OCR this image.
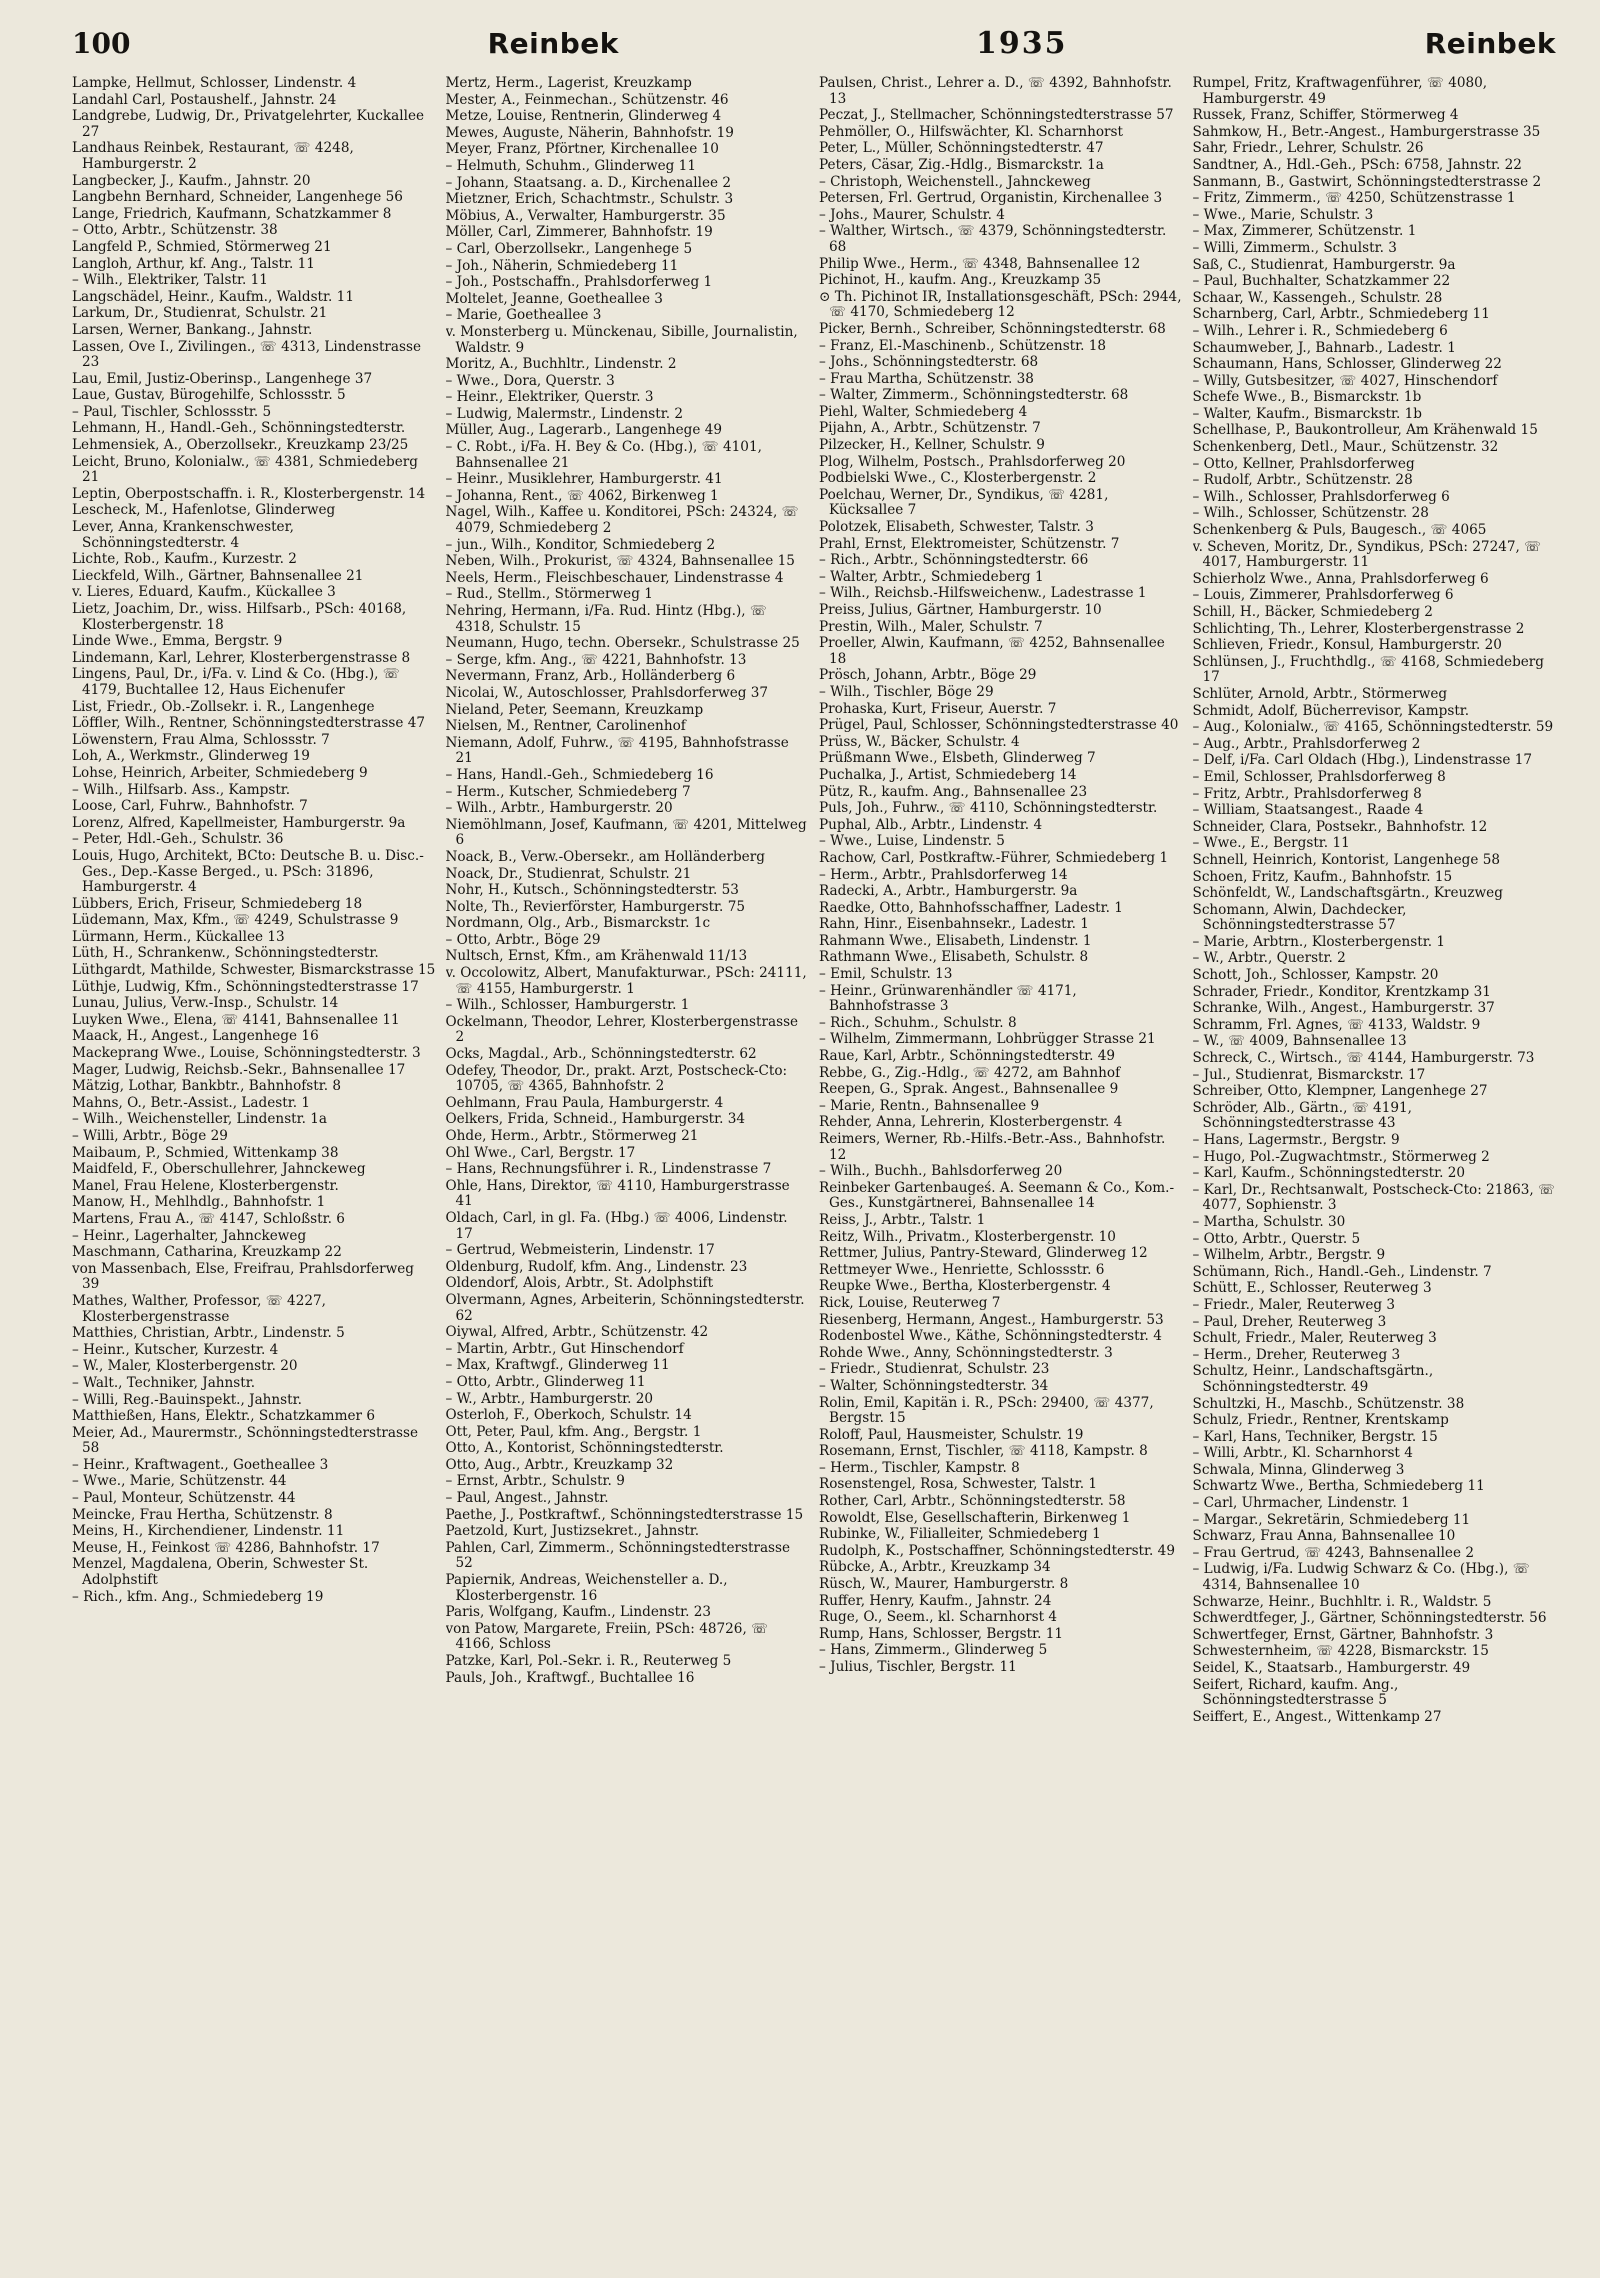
100	Reinbek	1935	Reinbek

Lampke, Hellmut, Schlosser, Lindenstr. 4

Landahl Carl, Postaushelf., Jahnstr. 24

Landgrebe, Ludwig, Dr., Privatgelehrter, Kuckallee 27

Landhaus Reinbek, Restaurant, ☏ 4248, Hamburgerstr. 2

Langbecker, J., Kaufm., Jahnstr. 20

Langbehn Bernhard, Schneider, Langenhege 56

Lange, Friedrich, Kaufmann, Schatzkammer 8

– Otto, Arbtr., Schützenstr. 38

Langfeld P., Schmied, Störmerweg 21

Langloh, Arthur, kf. Ang., Talstr. 11

– Wilh., Elektriker, Talstr. 11

Langschädel, Heinr., Kaufm., Waldstr. 11

Larkum, Dr., Studienrat, Schulstr. 21

Larsen, Werner, Bankang., Jahnstr.

Lassen, Ove I., Zivilingen., ☏ 4313, Lindenstrasse 23

Lau, Emil, Justiz-Oberinsp., Langenhege 37

Laue, Gustav, Bürogehilfe, Schlossstr. 5

– Paul, Tischler, Schlossstr. 5

Lehmann, H., Handl.-Geh., Schönningstedterstr.

Lehmensiek, A., Oberzollsekr., Kreuzkamp 23/25

Leicht, Bruno, Kolonialw., ☏ 4381, Schmiedeberg 21

Leptin, Oberpostschaffn. i. R., Klosterbergenstr. 14

Lescheck, M., Hafenlotse, Glinderweg

Lever, Anna, Krankenschwester, Schönningstedterstr. 4

Lichte, Rob., Kaufm., Kurzestr. 2

Lieckfeld, Wilh., Gärtner, Bahnsenallee 21

v. Lieres, Eduard, Kaufm., Kückallee 3

Lietz, Joachim, Dr., wiss. Hilfsarb., PSch: 40168, Klosterbergenstr. 18

Linde Wwe., Emma, Bergstr. 9

Lindemann, Karl, Lehrer, Klosterbergenstrasse 8

Lingens, Paul, Dr., i/Fa. v. Lind & Co. (Hbg.), ☏ 4179, Buchtallee 12, Haus Eichenufer

List, Friedr., Ob.-Zollsekr. i. R., Langenhege

Löffler, Wilh., Rentner, Schönningstedterstrasse 47

Löwenstern, Frau Alma, Schlossstr. 7

Loh, A., Werkmstr., Glinderweg 19

Lohse, Heinrich, Arbeiter, Schmiedeberg 9

– Wilh., Hilfsarb. Ass., Kampstr.

Loose, Carl, Fuhrw., Bahnhofstr. 7

Lorenz, Alfred, Kapellmeister, Hamburgerstr. 9a

– Peter, Hdl.-Geh., Schulstr. 36

Louis, Hugo, Architekt, BCto: Deutsche B. u. Disc.-Ges., Dep.-Kasse Berged., u. PSch: 31896, Hamburgerstr. 4

Lübbers, Erich, Friseur, Schmiedeberg 18

Lüdemann, Max, Kfm., ☏ 4249, Schulstrasse 9

Lürmann, Herm., Kückallee 13

Lüth, H., Schrankenw., Schönningstedterstr.

Lüthgardt, Mathilde, Schwester, Bismarckstrasse 15

Lüthje, Ludwig, Kfm., Schönningstedterstrasse 17

Lunau, Julius, Verw.-Insp., Schulstr. 14

Luyken Wwe., Elena, ☏ 4141, Bahnsenallee 11

Maack, H., Angest., Langenhege 16

Mackeprang Wwe., Louise, Schönningstedterstr. 3

Mager, Ludwig, Reichsb.-Sekr., Bahnsenallee 17

Mätzig, Lothar, Bankbtr., Bahnhofstr. 8

Mahns, O., Betr.-Assist., Ladestr. 1

– Wilh., Weichensteller, Lindenstr. 1a

– Willi, Arbtr., Böge 29

Maibaum, P., Schmied, Wittenkamp 38

Maidfeld, F., Oberschullehrer, Jahnckeweg

Manel, Frau Helene, Klosterbergenstr.

Manow, H., Mehlhdlg., Bahnhofstr. 1

Martens, Frau A., ☏ 4147, Schloßstr. 6

– Heinr., Lagerhalter, Jahnckeweg

Maschmann, Catharina, Kreuzkamp 22

von Massenbach, Else, Freifrau, Prahlsdorferweg 39

Mathes, Walther, Professor, ☏ 4227, Klosterbergenstrasse

Matthies, Christian, Arbtr., Lindenstr. 5

– Heinr., Kutscher, Kurzestr. 4

– W., Maler, Klosterbergenstr. 20

– Walt., Techniker, Jahnstr.

– Willi, Reg.-Bauinspekt., Jahnstr.

Matthießen, Hans, Elektr., Schatzkammer 6

Meier, Ad., Maurermstr., Schönningstedterstrasse 58

– Heinr., Kraftwagent., Goetheallee 3

– Wwe., Marie, Schützenstr. 44

– Paul, Monteur, Schützenstr. 44

Meincke, Frau Hertha, Schützenstr. 8

Meins, H., Kirchendiener, Lindenstr. 11

Meuse, H., Feinkost ☏ 4286, Bahnhofstr. 17

Menzel, Magdalena, Oberin, Schwester St. Adolphstift

– Rich., kfm. Ang., Schmiedeberg 19

Mertz, Herm., Lagerist, Kreuzkamp

Mester, A., Feinmechan., Schützenstr. 46

Metze, Louise, Rentnerin, Glinderweg 4

Mewes, Auguste, Näherin, Bahnhofstr. 19

Meyer, Franz, Pförtner, Kirchenallee 10

– Helmuth, Schuhm., Glinderweg 11

– Johann, Staatsang. a. D., Kirchenallee 2

Mietzner, Erich, Schachtmstr., Schulstr. 3

Möbius, A., Verwalter, Hamburgerstr. 35

Möller, Carl, Zimmerer, Bahnhofstr. 19

– Carl, Oberzollsekr., Langenhege 5

– Joh., Näherin, Schmiedeberg 11

– Joh., Postschaffn., Prahlsdorferweg 1

Moltelet, Jeanne, Goetheallee 3

– Marie, Goetheallee 3

v. Monsterberg u. Münckenau, Sibille, Journalistin, Waldstr. 9

Moritz, A., Buchhltr., Lindenstr. 2

– Wwe., Dora, Querstr. 3

– Heinr., Elektriker, Querstr. 3

– Ludwig, Malermstr., Lindenstr. 2

Müller, Aug., Lagerarb., Langenhege 49

– C. Robt., i/Fa. H. Bey & Co. (Hbg.), ☏ 4101, Bahnsenallee 21

– Heinr., Musiklehrer, Hamburgerstr. 41

– Johanna, Rent., ☏ 4062, Birkenweg 1

Nagel, Wilh., Kaffee u. Konditorei, PSch: 24324, ☏ 4079, Schmiedeberg 2

– jun., Wilh., Konditor, Schmiedeberg 2

Neben, Wilh., Prokurist, ☏ 4324, Bahnsenallee 15

Neels, Herm., Fleischbeschauer, Lindenstrasse 4

– Rud., Stellm., Störmerweg 1

Nehring, Hermann, i/Fa. Rud. Hintz (Hbg.), ☏ 4318, Schulstr. 15

Neumann, Hugo, techn. Obersekr., Schulstrasse 25

– Serge, kfm. Ang., ☏ 4221, Bahnhofstr. 13

Nevermann, Franz, Arb., Holländerberg 6

Nicolai, W., Autoschlosser, Prahlsdorferweg 37

Nieland, Peter, Seemann, Kreuzkamp

Nielsen, M., Rentner, Carolinenhof

Niemann, Adolf, Fuhrw., ☏ 4195, Bahnhofstrasse 21

– Hans, Handl.-Geh., Schmiedeberg 16

– Herm., Kutscher, Schmiedeberg 7

– Wilh., Arbtr., Hamburgerstr. 20

Niemöhlmann, Josef, Kaufmann, ☏ 4201, Mittelweg 6

Noack, B., Verw.-Obersekr., am Holländerberg

Noack, Dr., Studienrat, Schulstr. 21

Nohr, H., Kutsch., Schönningstedterstr. 53

Nolte, Th., Revierförster, Hamburgerstr. 75

Nordmann, Olg., Arb., Bismarckstr. 1c

– Otto, Arbtr., Böge 29

Nultsch, Ernst, Kfm., am Krähenwald 11/13

v. Occolowitz, Albert, Manufakturwar., PSch: 24111, ☏ 4155, Hamburgerstr. 1

– Wilh., Schlosser, Hamburgerstr. 1

Ockelmann, Theodor, Lehrer, Klosterbergenstrasse 2

Ocks, Magdal., Arb., Schönningstedterstr. 62

Odefey, Theodor, Dr., prakt. Arzt, Postscheck-Cto: 10705, ☏ 4365, Bahnhofstr. 2

Oehlmann, Frau Paula, Hamburgerstr. 4

Oelkers, Frida, Schneid., Hamburgerstr. 34

Ohde, Herm., Arbtr., Störmerweg 21

Ohl Wwe., Carl, Bergstr. 17

– Hans, Rechnungsführer i. R., Lindenstrasse 7

Ohle, Hans, Direktor, ☏ 4110, Hamburgerstrasse 41

Oldach, Carl, in gl. Fa. (Hbg.) ☏ 4006, Lindenstr. 17

– Gertrud, Webmeisterin, Lindenstr. 17

Oldenburg, Rudolf, kfm. Ang., Lindenstr. 23

Oldendorf, Alois, Arbtr., St. Adolphstift

Olvermann, Agnes, Arbeiterin, Schönningstedterstr. 62

Oiywal, Alfred, Arbtr., Schützenstr. 42

– Martin, Arbtr., Gut Hinschendorf

– Max, Kraftwgf., Glinderweg 11

– Otto, Arbtr., Glinderweg 11

– W., Arbtr., Hamburgerstr. 20

Osterloh, F., Oberkoch, Schulstr. 14

Ott, Peter, Paul, kfm. Ang., Bergstr. 1

Otto, A., Kontorist, Schönningstedterstr.

Otto, Aug., Arbtr., Kreuzkamp 32

– Ernst, Arbtr., Schulstr. 9

– Paul, Angest., Jahnstr.

Paethe, J., Postkraftwf., Schönningstedterstrasse 15

Paetzold, Kurt, Justizsekret., Jahnstr.

Pahlen, Carl, Zimmerm., Schönningstedterstrasse 52

Papiernik, Andreas, Weichensteller a. D., Klosterbergenstr. 16

Paris, Wolfgang, Kaufm., Lindenstr. 23

von Patow, Margarete, Freiin, PSch: 48726, ☏ 4166, Schloss

Patzke, Karl, Pol.-Sekr. i. R., Reuterweg 5

Pauls, Joh., Kraftwgf., Buchtallee 16

Paulsen, Christ., Lehrer a. D., ☏ 4392, Bahnhofstr. 13

Peczat, J., Stellmacher, Schönningstedterstrasse 57

Pehmöller, O., Hilfswächter, Kl. Scharnhorst

Peter, L., Müller, Schönningstedterstr. 47

Peters, Cäsar, Zig.-Hdlg., Bismarckstr. 1a

– Christoph, Weichenstell., Jahnckeweg

Petersen, Frl. Gertrud, Organistin, Kirchenallee 3

– Johs., Maurer, Schulstr. 4

– Walther, Wirtsch., ☏ 4379, Schönningstedterstr. 68

Philip Wwe., Herm., ☏ 4348, Bahnsenallee 12

Pichinot, H., kaufm. Ang., Kreuzkamp 35

⊙ Th. Pichinot IR, Installationsgeschäft, PSch: 2944, ☏ 4170, Schmiedeberg 12

Picker, Bernh., Schreiber, Schönningstedterstr. 68

– Franz, El.-Maschinenb., Schützenstr. 18

– Johs., Schönningstedterstr. 68

– Frau Martha, Schützenstr. 38

– Walter, Zimmerm., Schönningstedterstr. 68

Piehl, Walter, Schmiedeberg 4

Pijahn, A., Arbtr., Schützenstr. 7

Pilzecker, H., Kellner, Schulstr. 9

Plog, Wilhelm, Postsch., Prahlsdorferweg 20

Podbielski Wwe., C., Klosterbergenstr. 2

Poelchau, Werner, Dr., Syndikus, ☏ 4281, Kücksallee 7

Polotzek, Elisabeth, Schwester, Talstr. 3

Prahl, Ernst, Elektromeister, Schützenstr. 7

– Rich., Arbtr., Schönningstedterstr. 66

– Walter, Arbtr., Schmiedeberg 1

– Wilh., Reichsb.-Hilfsweichenw., Ladestrasse 1

Preiss, Julius, Gärtner, Hamburgerstr. 10

Prestin, Wilh., Maler, Schulstr. 7

Proeller, Alwin, Kaufmann, ☏ 4252, Bahnsenallee 18

Prösch, Johann, Arbtr., Böge 29

– Wilh., Tischler, Böge 29

Prohaska, Kurt, Friseur, Auerstr. 7

Prügel, Paul, Schlosser, Schönningstedterstrasse 40

Prüss, W., Bäcker, Schulstr. 4

Prüßmann Wwe., Elsbeth, Glinderweg 7

Puchalka, J., Artist, Schmiedeberg 14

Pütz, R., kaufm. Ang., Bahnsenallee 23

Puls, Joh., Fuhrw., ☏ 4110, Schönningstedterstr.

Puphal, Alb., Arbtr., Lindenstr. 4

– Wwe., Luise, Lindenstr. 5

Rachow, Carl, Postkraftw.-Führer, Schmiedeberg 1

– Herm., Arbtr., Prahlsdorferweg 14

Radecki, A., Arbtr., Hamburgerstr. 9a

Raedke, Otto, Bahnhofsschaffner, Ladestr. 1

Rahn, Hinr., Eisenbahnsekr., Ladestr. 1

Rahmann Wwe., Elisabeth, Lindenstr. 1

Rathmann Wwe., Elisabeth, Schulstr. 8

– Emil, Schulstr. 13

– Heinr., Grünwarenhändler ☏ 4171, Bahnhofstrasse 3

– Rich., Schuhm., Schulstr. 8

– Wilhelm, Zimmermann, Lohbrügger Strasse 21

Raue, Karl, Arbtr., Schönningstedterstr. 49

Rebbe, G., Zig.-Hdlg., ☏ 4272, am Bahnhof

Reepen, G., Sprak. Angest., Bahnsenallee 9

– Marie, Rentn., Bahnsenallee 9

Rehder, Anna, Lehrerin, Klosterbergenstr. 4

Reimers, Werner, Rb.-Hilfs.-Betr.-Ass., Bahnhofstr. 12

– Wilh., Buchh., Bahlsdorferweg 20

Reinbeker Gartenbaugeś. A. Seemann & Co., Kom.-Ges., Kunstgärtnerei, Bahnsenallee 14

Reiss, J., Arbtr., Talstr. 1

Reitz, Wilh., Privatm., Klosterbergenstr. 10

Rettmer, Julius, Pantry-Steward, Glinderweg 12

Rettmeyer Wwe., Henriette, Schlossstr. 6

Reupke Wwe., Bertha, Klosterbergenstr. 4

Rick, Louise, Reuterweg 7

Riesenberg, Hermann, Angest., Hamburgerstr. 53

Rodenbostel Wwe., Käthe, Schönningstedterstr. 4

Rohde Wwe., Anny, Schönningstedterstr. 3

– Friedr., Studienrat, Schulstr. 23

– Walter, Schönningstedterstr. 34

Rolin, Emil, Kapitän i. R., PSch: 29400, ☏ 4377, Bergstr. 15

Roloff, Paul, Hausmeister, Schulstr. 19

Rosemann, Ernst, Tischler, ☏ 4118, Kampstr. 8

– Herm., Tischler, Kampstr. 8

Rosenstengel, Rosa, Schwester, Talstr. 1

Rother, Carl, Arbtr., Schönningstedterstr. 58

Rowoldt, Else, Gesellschafterin, Birkenweg 1

Rubinke, W., Filialleiter, Schmiedeberg 1

Rudolph, K., Postschaffner, Schönningstedterstr. 49

Rübcke, A., Arbtr., Kreuzkamp 34

Rüsch, W., Maurer, Hamburgerstr. 8

Ruffer, Henry, Kaufm., Jahnstr. 24

Ruge, O., Seem., kl. Scharnhorst 4

Rump, Hans, Schlosser, Bergstr. 11

– Hans, Zimmerm., Glinderweg 5

– Julius, Tischler, Bergstr. 11

Rumpel, Fritz, Kraftwagenführer, ☏ 4080, Hamburgerstr. 49

Russek, Franz, Schiffer, Störmerweg 4

Sahmkow, H., Betr.-Angest., Hamburgerstrasse 35

Sahr, Friedr., Lehrer, Schulstr. 26

Sandtner, A., Hdl.-Geh., PSch: 6758, Jahnstr. 22

Sanmann, B., Gastwirt, Schönningstedterstrasse 2

– Fritz, Zimmerm., ☏ 4250, Schützenstrasse 1

– Wwe., Marie, Schulstr. 3

– Max, Zimmerer, Schützenstr. 1

– Willi, Zimmerm., Schulstr. 3

Saß, C., Studienrat, Hamburgerstr. 9a

– Paul, Buchhalter, Schatzkammer 22

Schaar, W., Kassengeh., Schulstr. 28

Scharnberg, Carl, Arbtr., Schmiedeberg 11

– Wilh., Lehrer i. R., Schmiedeberg 6

Schaumweber, J., Bahnarb., Ladestr. 1

Schaumann, Hans, Schlosser, Glinderweg 22

– Willy, Gutsbesitzer, ☏ 4027, Hinschendorf

Schefe Wwe., B., Bismarckstr. 1b

– Walter, Kaufm., Bismarckstr. 1b

Schellhase, P., Baukontrolleur, Am Krähenwald 15

Schenkenberg, Detl., Maur., Schützenstr. 32

– Otto, Kellner, Prahlsdorferweg

– Rudolf, Arbtr., Schützenstr. 28

– Wilh., Schlosser, Prahlsdorferweg 6

– Wilh., Schlosser, Schützenstr. 28

Schenkenberg & Puls, Baugesch., ☏ 4065

v. Scheven, Moritz, Dr., Syndikus, PSch: 27247, ☏ 4017, Hamburgerstr. 11

Schierholz Wwe., Anna, Prahlsdorferweg 6

– Louis, Zimmerer, Prahlsdorferweg 6

Schill, H., Bäcker, Schmiedeberg 2

Schlichting, Th., Lehrer, Klosterbergenstrasse 2

Schlieven, Friedr., Konsul, Hamburgerstr. 20

Schlünsen, J., Fruchthdlg., ☏ 4168, Schmiedeberg 17

Schlüter, Arnold, Arbtr., Störmerweg

Schmidt, Adolf, Bücherrevisor, Kampstr.

– Aug., Kolonialw., ☏ 4165, Schönningstedterstr. 59

– Aug., Arbtr., Prahlsdorferweg 2

– Delf, i/Fa. Carl Oldach (Hbg.), Lindenstrasse 17

– Emil, Schlosser, Prahlsdorferweg 8

– Fritz, Arbtr., Prahlsdorferweg 8

– William, Staatsangest., Raade 4

Schneider, Clara, Postsekr., Bahnhofstr. 12

– Wwe., E., Bergstr. 11

Schnell, Heinrich, Kontorist, Langenhege 58

Schoen, Fritz, Kaufm., Bahnhofstr. 15

Schönfeldt, W., Landschaftsgärtn., Kreuzweg

Schomann, Alwin, Dachdecker, Schönningstedterstrasse 57

– Marie, Arbtrn., Klosterbergenstr. 1

– W., Arbtr., Querstr. 2

Schott, Joh., Schlosser, Kampstr. 20

Schrader, Friedr., Konditor, Krentzkamp 31

Schranke, Wilh., Angest., Hamburgerstr. 37

Schramm, Frl. Agnes, ☏ 4133, Waldstr. 9

– W., ☏ 4009, Bahnsenallee 13

Schreck, C., Wirtsch., ☏ 4144, Hamburgerstr. 73

– Jul., Studienrat, Bismarckstr. 17

Schreiber, Otto, Klempner, Langenhege 27

Schröder, Alb., Gärtn., ☏ 4191, Schönningstedterstrasse 43

– Hans, Lagermstr., Bergstr. 9

– Hugo, Pol.-Zugwachtmstr., Störmerweg 2

– Karl, Kaufm., Schönningstedterstr. 20

– Karl, Dr., Rechtsanwalt, Postscheck-Cto: 21863, ☏ 4077, Sophienstr. 3

– Martha, Schulstr. 30

– Otto, Arbtr., Querstr. 5

– Wilhelm, Arbtr., Bergstr. 9

Schümann, Rich., Handl.-Geh., Lindenstr. 7

Schütt, E., Schlosser, Reuterweg 3

– Friedr., Maler, Reuterweg 3

– Paul, Dreher, Reuterweg 3

Schult, Friedr., Maler, Reuterweg 3

– Herm., Dreher, Reuterweg 3

Schultz, Heinr., Landschaftsgärtn., Schönningstedterstr. 49

Schultzki, H., Maschb., Schützenstr. 38

Schulz, Friedr., Rentner, Krentskamp

– Karl, Hans, Techniker, Bergstr. 15

– Willi, Arbtr., Kl. Scharnhorst 4

Schwala, Minna, Glinderweg 3

Schwartz Wwe., Bertha, Schmiedeberg 11

– Carl, Uhrmacher, Lindenstr. 1

– Margar., Sekretärin, Schmiedeberg 11

Schwarz, Frau Anna, Bahnsenallee 10

– Frau Gertrud, ☏ 4243, Bahnsenallee 2

– Ludwig, i/Fa. Ludwig Schwarz & Co. (Hbg.), ☏ 4314, Bahnsenallee 10

Schwarze, Heinr., Buchhltr. i. R., Waldstr. 5

Schwerdtfeger, J., Gärtner, Schönningstedterstr. 56

Schwertfeger, Ernst, Gärtner, Bahnhofstr. 3

Schwesternheim, ☏ 4228, Bismarckstr. 15

Seidel, K., Staatsarb., Hamburgerstr. 49

Seifert, Richard, kaufm. Ang., Schönningstedterstrasse 5

Seiffert, E., Angest., Wittenkamp 27
